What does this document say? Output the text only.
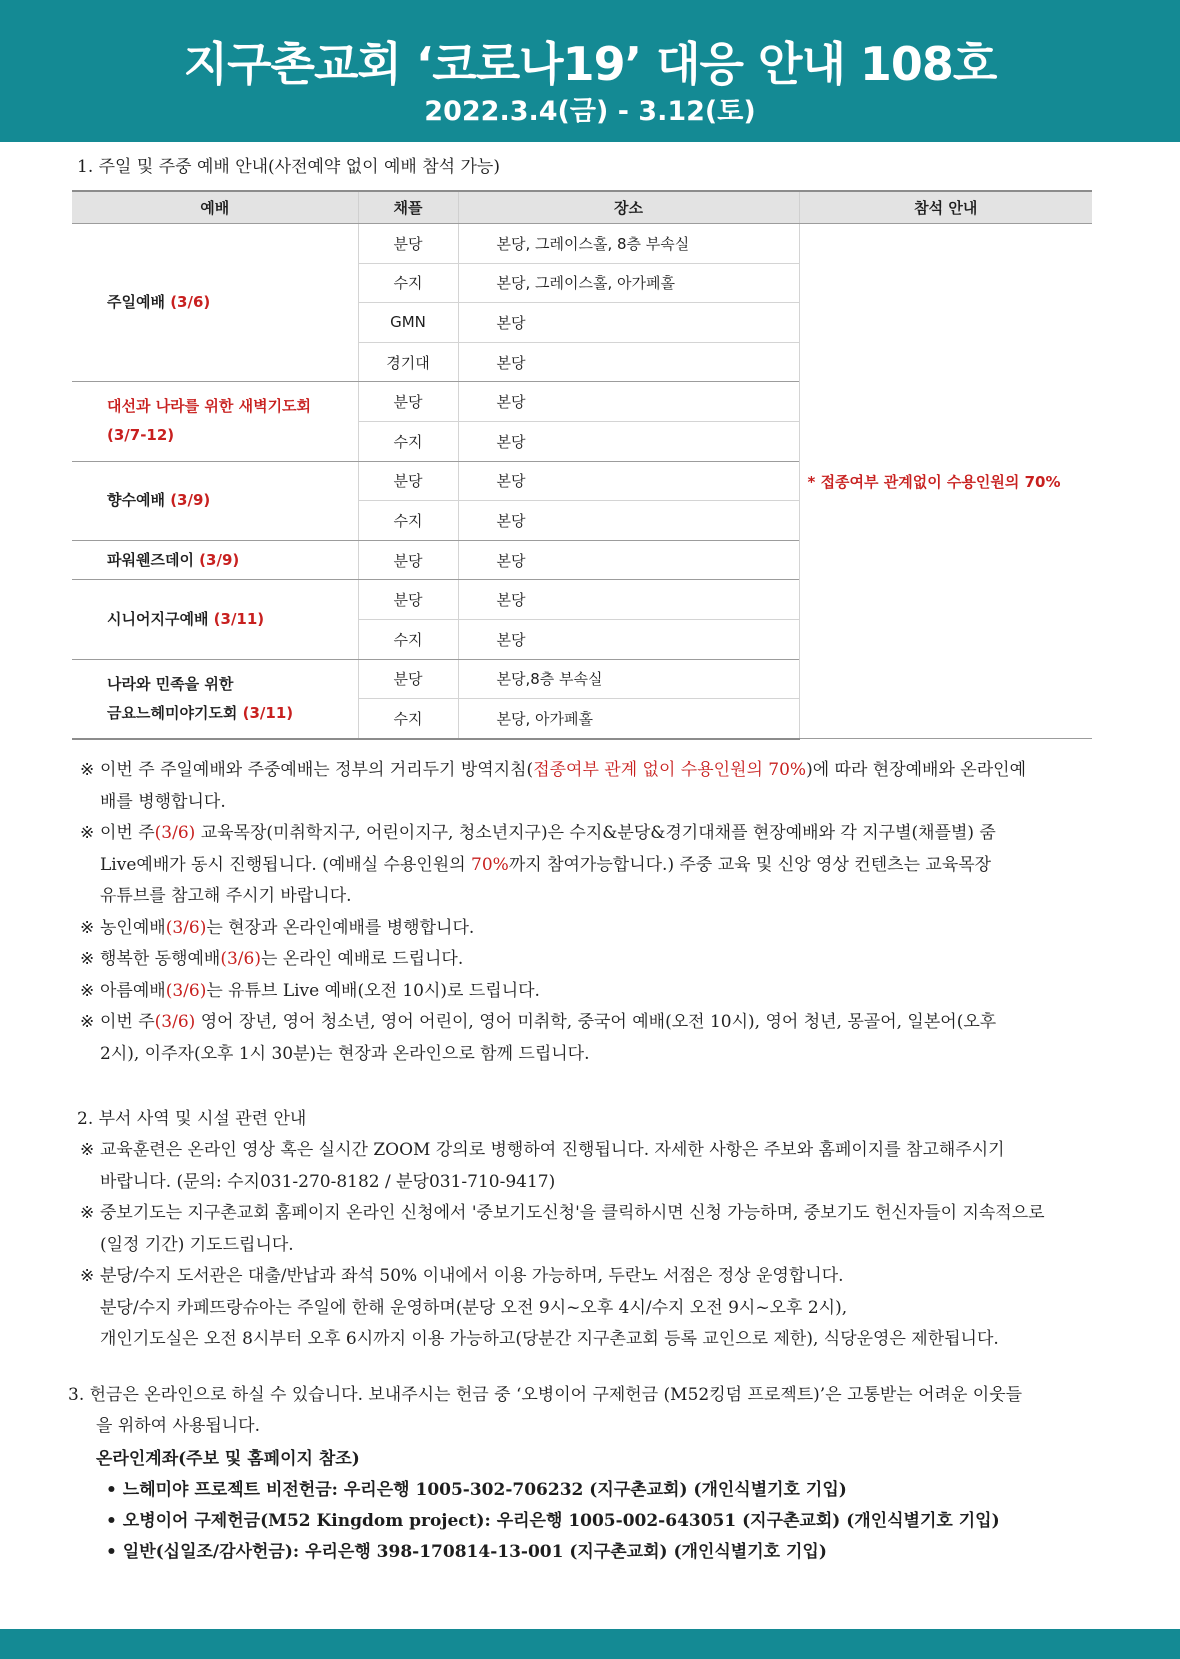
지구촌교회 ‘코로나19’ 대응 안내 108호
2022.3.4(금) - 3.12(토)
1. 주일 및 주중 예배 안내(사전예약 없이 예배 참석 가능)
예배	채플	장소	참석 안내
주일예배 (3/6)	분당	본당, 그레이스홀, 8층 부속실	* 접종여부 관계없이 수용인원의 70%
	수지	본당, 그레이스홀, 아가페홀	
	GMN	본당	
	경기대	본당	

대선과 나라를 위한 새벽기도회
(3/7-12)	분당	본당	
	수지	본당	
향수예배 (3/9)	분당	본당	
	수지	본당	
파워웬즈데이 (3/9)	분당	본당	
시니어지구예배 (3/11)	분당	본당	
	수지	본당	

나라와 민족을 위한
금요느헤미야기도회 (3/11)	분당	본당,8층 부속실	
	수지	본당, 아가페홀	
※ 이번 주 주일예배와 주중예배는 정부의 거리두기 방역지침(접종여부 관계 없이 수용인원의 70%)에 따라 현장예배와 온라인예
배를 병행합니다.
※ 이번 주(3/6) 교육목장(미취학지구, 어린이지구, 청소년지구)은 수지&분당&경기대채플 현장예배와 각 지구별(채플별) 줌
Live예배가 동시 진행됩니다. (예배실 수용인원의 70%까지 참여가능합니다.) 주중 교육 및 신앙 영상 컨텐츠는 교육목장
유튜브를 참고해 주시기 바랍니다.
※ 농인예배(3/6)는 현장과 온라인예배를 병행합니다.
※ 행복한 동행예배(3/6)는 온라인 예배로 드립니다.
※ 아름예배(3/6)는 유튜브 Live 예배(오전 10시)로 드립니다.
※ 이번 주(3/6) 영어 장년, 영어 청소년, 영어 어린이, 영어 미취학, 중국어 예배(오전 10시), 영어 청년, 몽골어, 일본어(오후
2시), 이주자(오후 1시 30분)는 현장과 온라인으로 함께 드립니다.
2. 부서 사역 및 시설 관련 안내
※ 교육훈련은 온라인 영상 혹은 실시간 ZOOM 강의로 병행하여 진행됩니다. 자세한 사항은 주보와 홈페이지를 참고해주시기
바랍니다. (문의: 수지031-270-8182 / 분당031-710-9417)
※ 중보기도는 지구촌교회 홈페이지 온라인 신청에서 '중보기도신청'을 클릭하시면 신청 가능하며, 중보기도 헌신자들이 지속적으로
(일정 기간) 기도드립니다.
※ 분당/수지 도서관은 대출/반납과 좌석 50% 이내에서 이용 가능하며, 두란노 서점은 정상 운영합니다.
분당/수지 카페뜨랑슈아는 주일에 한해 운영하며(분당 오전 9시~오후 4시/수지 오전 9시~오후 2시),
개인기도실은 오전 8시부터 오후 6시까지 이용 가능하고(당분간 지구촌교회 등록 교인으로 제한), 식당운영은 제한됩니다.
3. 헌금은 온라인으로 하실 수 있습니다. 보내주시는 헌금 중 ‘오병이어 구제헌금 (M52킹덤 프로젝트)’은 고통받는 어려운 이웃들
을 위하여 사용됩니다.
온라인계좌(주보 및 홈페이지 참조)
• 느헤미야 프로젝트 비전헌금: 우리은행 1005-302-706232 (지구촌교회) (개인식별기호 기입)
• 오병이어 구제헌금(M52 Kingdom project): 우리은행 1005-002-643051 (지구촌교회) (개인식별기호 기입)
• 일반(십일조/감사헌금): 우리은행 398-170814-13-001 (지구촌교회) (개인식별기호 기입)
